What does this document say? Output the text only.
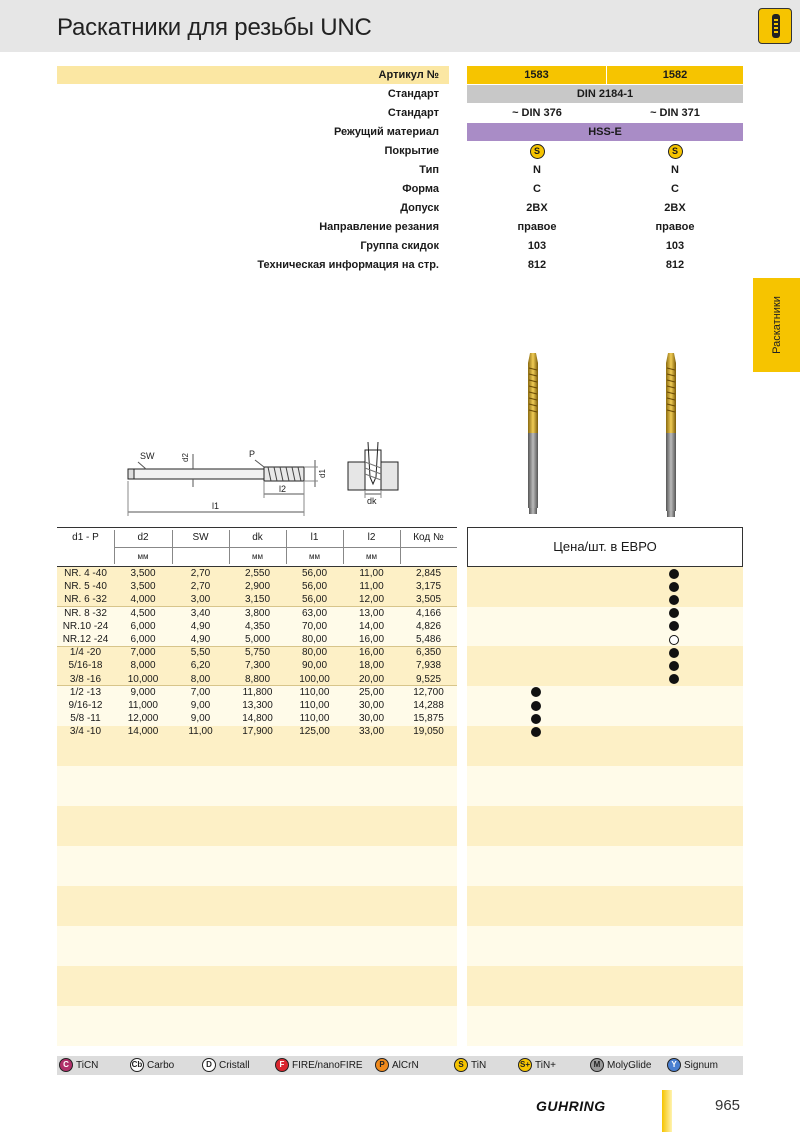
Раскатники для резьбы UNC
Раскатники
Артикул №	1583	1582
Стандарт	DIN 2184-1
Стандарт	~ DIN 376	~ DIN 371
Режущий материал	HSS-E
Покрытие	S	S
Тип	N	N
Форма	C	C
Допуск	2BX	2BX
Направление резания	правое	правое
Группа скидок	103	103
Техническая информация на стр.	812	812
SW	d2	P
l2
l1
d1
dk
d1 - P	d2	SW	dk	l1	l2	Код №
мм	мм	мм	мм
Цена/шт. в ЕВРО
NR. 4 -40	3,500	2,70	2,550	56,00	11,00	2,845
NR. 5 -40	3,500	2,70	2,900	56,00	11,00	3,175
NR. 6 -32	4,000	3,00	3,150	56,00	12,00	3,505
NR. 8 -32	4,500	3,40	3,800	63,00	13,00	4,166
NR.10 -24	6,000	4,90	4,350	70,00	14,00	4,826
NR.12 -24	6,000	4,90	5,000	80,00	16,00	5,486
1/4 -20	7,000	5,50	5,750	80,00	16,00	6,350
5/16-18	8,000	6,20	7,300	90,00	18,00	7,938
3/8 -16	10,000	8,00	8,800	100,00	20,00	9,525
1/2 -13	9,000	7,00	11,800	110,00	25,00	12,700
9/16-12	11,000	9,00	13,300	110,00	30,00	14,288
5/8 -11	12,000	9,00	14,800	110,00	30,00	15,875
3/4 -10	14,000	11,00	17,900	125,00	33,00	19,050
C TiCN	Cb Carbo	D Cristall	F FIRE/nanoFIRE	P AlCrN	S TiN	S+ TiN+	M MolyGlide	Y Signum
GUHRING	965
